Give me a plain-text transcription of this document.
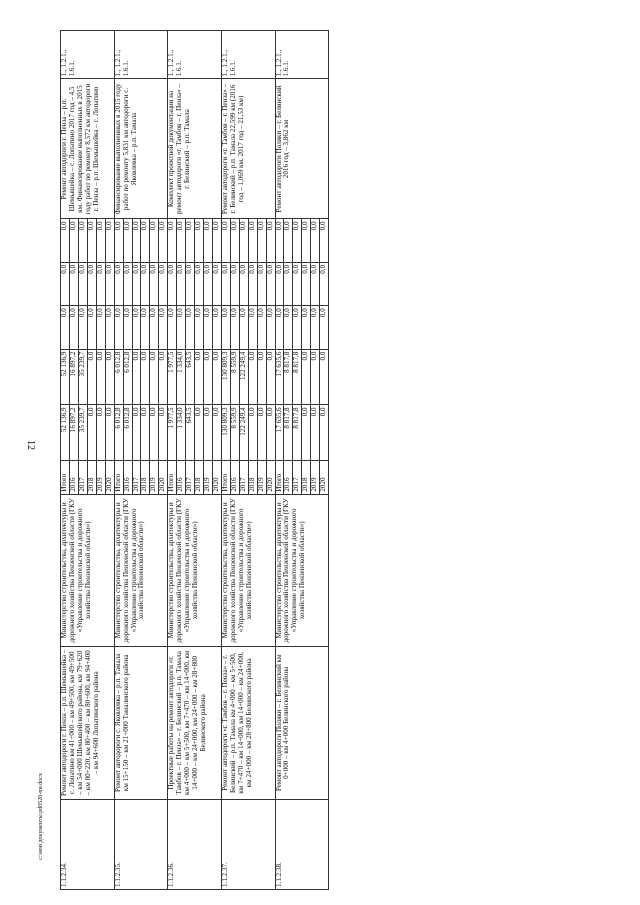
12
1.1.2.34.	Ремонт автодороги г. Пенза – р.п. Шемышейка – с. Лопатино км 41+000 – км 49+500, км 49+500 – км 54+000 Шемышейского района, км 79+620 – км 80+220, км 80+400 – км 80+600, км 94+400 – км 94+600 Лопатинского района	Министерство строительства, архитектуры и дорожного хозяйства Пензенской области (ГКУ «Управление строительства и дорожного хозяйства Пензенской области»)	Итого	52 136,9	52 136,9	0,0	0,0	0,0	Ремонт автодороги г. Пенза – р.п. Шемышейка – с. Лопатино 2017 год – 4,5 км. Финансирование выполненных в 2015 году работ по ремонту 8,572 км автодороги г. Пенза – р.п. Шемышейка – с. Лопатино	1., 1.2.1., 1.6.1.
			2016	16 897,2	16 897,2	0,0	0,0	0,0		
			2017	35 239,7	35 239,7	0,0	0,0	0,0		
			2018	0,0	0,0	0,0	0,0	0,0		
			2019	0,0	0,0	0,0	0,0	0,0		
			2020	0,0	0,0	0,0	0,0	0,0		
1.1.2.35.	Ремонт автодороги с. Яковлевка – р.п. Тамала км 15+150 – км 21+000 Тамалинского района	Министерство строительства, архитектуры и дорожного хозяйства Пензенской области (ГКУ «Управление строительства и дорожного хозяйства Пензенской области»)	Итого	6 012,8	6 012,8	0,0	0,0	0,0	Финансирование выполненных в 2015 году работ по ремонту 5,831 км автодороги с. Яковлевка – р.п. Тамала	1., 1.2.1., 1.6.1.
			2016	6 012,8	6 012,8	0,0	0,0	0,0		
			2017	0,0	0,0	0,0	0,0	0,0		
			2018	0,0	0,0	0,0	0,0	0,0		
			2019	0,0	0,0	0,0	0,0	0,0		
			2020	0,0	0,0	0,0	0,0	0,0		
1.1.2.36.	Проектные работы на ремонт автодороги «г. Тамбов – г. Пенза» – г. Белинский – р.п. Тамала км 4+000 – км 5+500, км 7+470 – км 14+000, км 14+000 – км 24+000, км 24+000 – км 28+800 Белинского района	Министерство строительства, архитектуры и дорожного хозяйства Пензенской области (ГКУ «Управление строительства и дорожного хозяйства Пензенской области»)	Итого	1 977,5	1 977,5	0,0	0,0	0,0	Комплект проектной документации на ремонт автодороги «г. Тамбов – г. Пенза» – г. Белинский – р.п. Тамала	1., 1.2.1., 1.6.1.
			2016	1 334,0	1 334,0	0,0	0,0	0,0		
			2017	643,5	643,5	0,0	0,0	0,0		
			2018	0,0	0,0	0,0	0,0	0,0		
			2019	0,0	0,0	0,0	0,0	0,0		
			2020	0,0	0,0	0,0	0,0	0,0		
1.1.2.37.	Ремонт автодороги «г. Тамбов – г. Пенза» – г. Белинский – р.п. Тамала км 4+000 – км 5+500, км 7+470 – км 14+000, км 14+000 – км 24+000, км 24+000 – км 28+800 Белинского района	Министерство строительства, архитектуры и дорожного хозяйства Пензенской области (ГКУ «Управление строительства и дорожного хозяйства Пензенской области»)	Итого	130 809,3	130 809,3	0,0	0,0	0,0	Ремонт автодороги «г. Тамбов – г. Пенза» – г. Белинский – р.п. Тамала 22,599 км (2016 год – 1,069 км, 2017 год – 21,53 км)	1., 1.2.1., 1.6.1.
			2016	8 559,9	8 559,9	0,0	0,0	0,0		
			2017	122 249,4	122 249,4	0,0	0,0	0,0		
			2018	0,0	0,0	0,0	0,0	0,0		
			2019	0,0	0,0	0,0	0,0	0,0		
			2020	0,0	0,0	0,0	0,0	0,0		
1.1.2.38.	Ремонт автодороги Поляки – г. Белинский км 0+000 – км 4+000 Белинского района	Министерство строительства, архитектуры и дорожного хозяйства Пензенской области (ГКУ «Управление строительства и дорожного хозяйства Пензенской области»)	Итого	17 635,6	17 635,6	0,0	0,0	0,0	Ремонт автодороги Поляки – г. Белинский 2016 год – 3,862 км	1., 1.2.1., 1.6.1.
			2016	8 817,8	8 817,8	0,0	0,0	0,0		
			2017	8 817,8	8 817,8	0,0	0,0	0,0		
			2018	0,0	0,0	0,0	0,0	0,0		
			2019	0,0	0,0	0,0	0,0	0,0		
			2020	0,0	0,0	0,0	0,0	0,0		
c:\мои документы\pd0520-пи.docx
